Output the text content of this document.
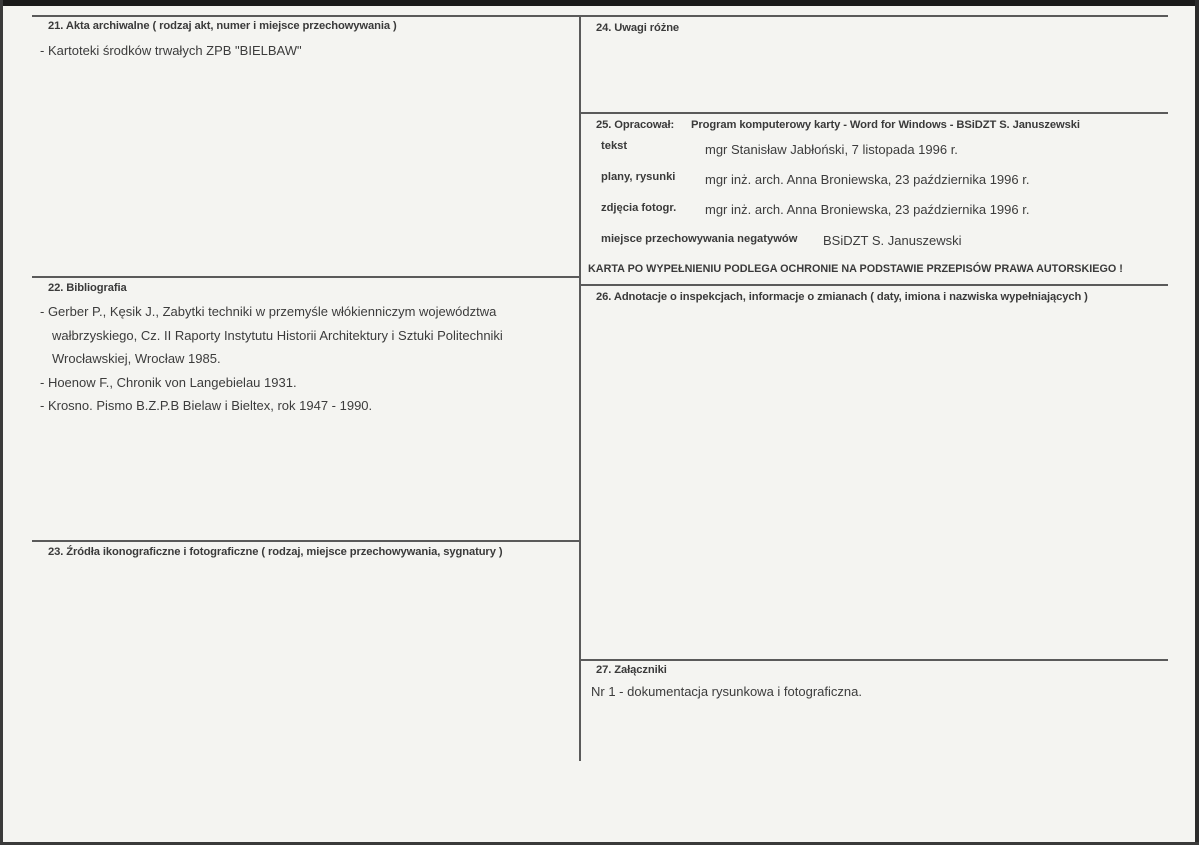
21. Akta archiwalne ( rodzaj akt, numer i miejsce przechowywania )
- Kartoteki środków trwałych ZPB "BIELBAW"
22. Bibliografia
- Gerber P., Kęsik J., Zabytki techniki w przemyśle włókienniczym województwa wałbrzyskiego, Cz. II Raporty Instytutu Historii Architektury i Sztuki Politechniki Wrocławskiej, Wrocław 1985.
- Hoenow F., Chronik von Langebielau 1931.
- Krosno. Pismo B.Z.P.B Bielaw i Bieltex, rok 1947 - 1990.
23. Źródła ikonograficzne i fotograficzne ( rodzaj, miejsce przechowywania, sygnatury )
24. Uwagi różne
25. Opracował: Program komputerowy karty - Word for Windows - BSiDZT S. Januszewski
tekst	mgr Stanisław Jabłoński, 7 listopada 1996 r.
plany, rysunki mgr inż. arch. Anna Broniewska, 23 października 1996 r.
zdjęcia fotogr. mgr inż. arch. Anna Broniewska, 23 października 1996 r.
miejsce przechowywania negatywów BSiDZT S. Januszewski
KARTA PO WYPEŁNIENIU PODLEGA OCHRONIE NA PODSTAWIE PRZEPISÓW PRAWA AUTORSKIEGO !
26. Adnotacje o inspekcjach, informacje o zmianach ( daty, imiona i nazwiska wypełniających )
27. Załączniki
Nr 1 - dokumentacja rysunkowa i fotograficzna.
